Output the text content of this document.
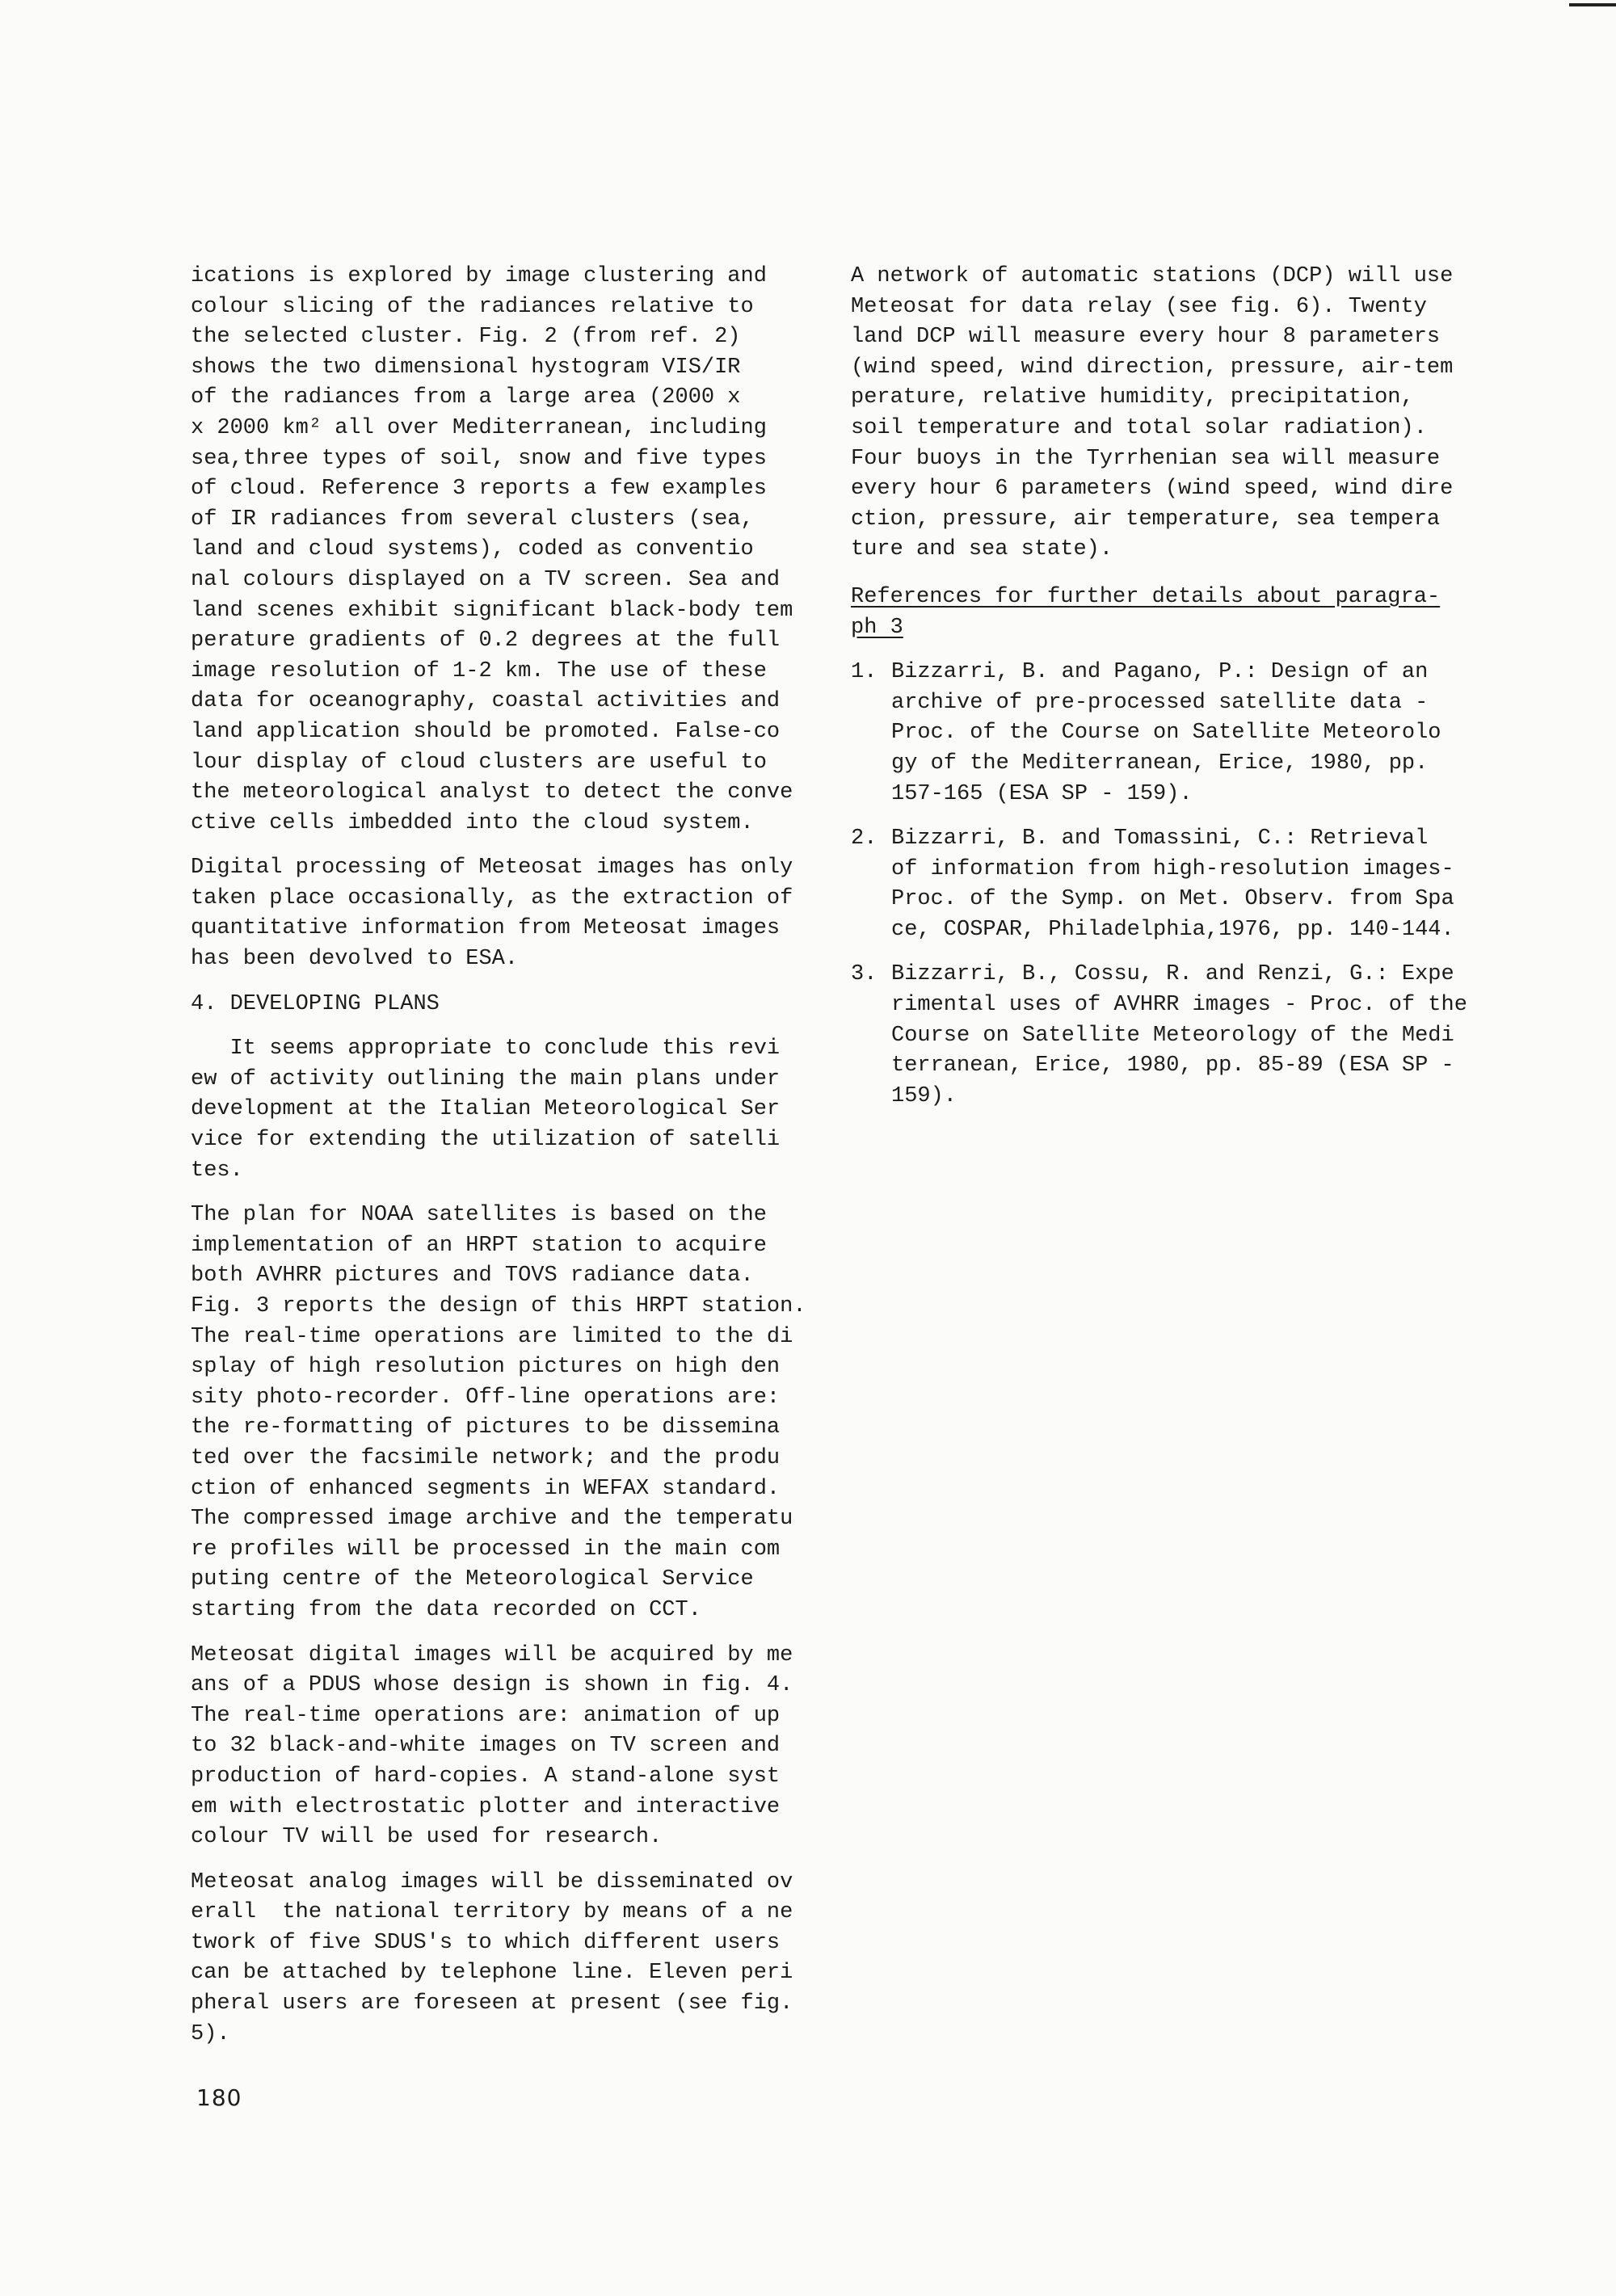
ications is explored by image clustering and

colour slicing of the radiances relative to

the selected cluster. Fig. 2 (from ref. 2)

shows the two dimensional hystogram VIS/IR

of the radiances from a large area (2000 x

x 2000 km² all over Mediterranean, including

sea,three types of soil, snow and five types

of cloud. Reference 3 reports a few examples

of IR radiances from several clusters (sea,

land and cloud systems), coded as conventio

nal colours displayed on a TV screen. Sea and

land scenes exhibit significant black-body tem

perature gradients of 0.2 degrees at the full

image resolution of 1-2 km. The use of these

data for oceanography, coastal activities and

land application should be promoted. False-co

lour display of cloud clusters are useful to

the meteorological analyst to detect the conve

ctive cells imbedded into the cloud system.

Digital processing of Meteosat images has only

taken place occasionally, as the extraction of

quantitative information from Meteosat images

has been devolved to ESA.

4. DEVELOPING PLANS

It seems appropriate to conclude this revi

ew of activity outlining the main plans under

development at the Italian Meteorological Ser

vice for extending the utilization of satelli

tes.

The plan for NOAA satellites is based on the

implementation of an HRPT station to acquire

both AVHRR pictures and TOVS radiance data.

Fig. 3 reports the design of this HRPT station.

The real-time operations are limited to the di

splay of high resolution pictures on high den

sity photo-recorder. Off-line operations are:

the re-formatting of pictures to be dissemina

ted over the facsimile network; and the produ

ction of enhanced segments in WEFAX standard.

The compressed image archive and the temperatu

re profiles will be processed in the main com

puting centre of the Meteorological Service

starting from the data recorded on CCT.

Meteosat digital images will be acquired by me

ans of a PDUS whose design is shown in fig. 4.

The real-time operations are: animation of up

to 32 black-and-white images on TV screen and

production of hard-copies. A stand-alone syst

em with electrostatic plotter and interactive

colour TV will be used for research.

Meteosat analog images will be disseminated ov

erall  the national territory by means of a ne

twork of five SDUS's to which different users

can be attached by telephone line. Eleven peri

pheral users are foreseen at present (see fig.

5).

A network of automatic stations (DCP) will use

Meteosat for data relay (see fig. 6). Twenty

land DCP will measure every hour 8 parameters

(wind speed, wind direction, pressure, air-tem

perature, relative humidity, precipitation,

soil temperature and total solar radiation).

Four buoys in the Tyrrhenian sea will measure

every hour 6 parameters (wind speed, wind dire

ction, pressure, air temperature, sea tempera

ture and sea state).

References for further details about paragra-

ph 3

1. Bizzarri, B. and Pagano, P.: Design of an

archive of pre-processed satellite data -

Proc. of the Course on Satellite Meteorolo

gy of the Mediterranean, Erice, 1980, pp.

157-165 (ESA SP - 159).

2. Bizzarri, B. and Tomassini, C.: Retrieval

of information from high-resolution images-

Proc. of the Symp. on Met. Observ. from Spa

ce, COSPAR, Philadelphia,1976, pp. 140-144.

3. Bizzarri, B., Cossu, R. and Renzi, G.: Expe

rimental uses of AVHRR images - Proc. of the

Course on Satellite Meteorology of the Medi

terranean, Erice, 1980, pp. 85-89 (ESA SP -

159).

180
